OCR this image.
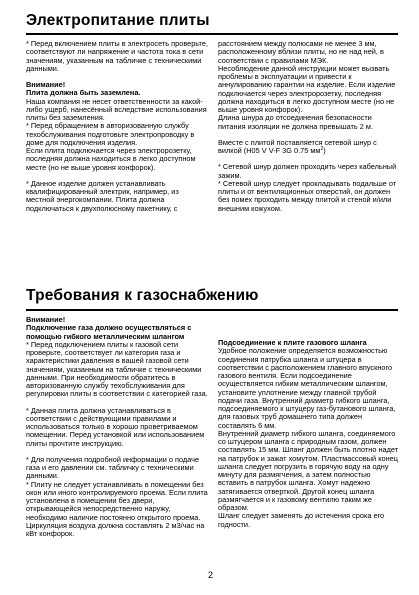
Электропитание плиты

* Перед включением плиты в электросеть проверьте, соответствуют ли напряжение и частота тока в сети значениям, указанным на табличке с техническими данными.

Внимание!

Плита должна быть заземлена.

Наша компания не несет ответственности за какой-либо ущерб, нанесённый вследствие использования плиты без заземления.

* Перед обращением в авторизованную службу техобслуживания подготовьте электропроводку в доме для подключения изделия.

Если плита подключается через электророзетку, последняя должна находиться в легко доступном месте (но не выше уровня конфорок).

* Данное изделие должен устанавливать квалифицированный электрик, например, из местной энергокомпании. Плита должна подключаться к двухполюсному пакетнику, с

расстоянием между полюсами не менее 3 мм, расположенному вблизи плиты, но не над ней, в соответствии с правилами МЭК.

Несоблюдение данной инструкции может вызвать проблемы в эксплуатации и привести к аннулированию гарантии на изделие. Если изделие подключается через электророзетку, последняя должна находиться в легко доступном месте (но не выше уровня конфорок).

Длина шнура до отсоединения безопасности питания изоляции не должна превышать 2 м.

Вместе с плитой поставляется сетевой шнур с вилкой (H05 V V-F 3G 0.75 $мм^2$)

* Сетевой шнур должен проходить через кабельный зажим.

* Сетевой шнур следует прокладывать подальше от плиты и от вентиляционных отверстий, он должен без помех проходить между плитой и стеной и/или внешним кожухом.

Требования к газоснабжению

Внимание!

Подключение газа должно осуществляться с помощью гибкого металлическим шлангом

* Перед подключением плиты к газовой сети проверьте, соответствует ли категория газа и характеристики давления в вашей газовой сети значениям, указанным на табличке с техническими данными. При необходимости обратитесь в авторизованную службу техобслуживания для регулировки плиты в соответствии с категорией газа.

* Данная плита должна устанавливаться в соответствии с действующими правилами и использоваться только в хорошо проветриваемом помещении. Перед установкой или использованием плиты прочтите инструкцию.

* Для получения подробной информации о подаче газа и его давлении см. табличку с техническими данными.

* Плиту не следует устанавливать в помещении без окон или иного контролируемого проема. Если плита установлена в помещении без двери, открывающейся непосредственно наружу, необходимо наличие постоянно открытого проема.

Циркуляция воздуха должна составлять 2 м3/час на кВт конфорок.

Подсоединение к плите газового шланга

Удобное положение определяется возможностью соединения патрубка шланга и штуцера в соответствии с расположением главного впускного газового вентиля. Если подсоединение осуществляется гибким металлическим шлангом, установите уплотнение между главной трубой подачи газа. Внутренний диаметр гибкого шланга, подсоединяемого к штуцеру газ-бутанового шланга, для газовых труб домашнего типа должен составлять 6 мм.

Внутренний диаметр гибкого шланга, соединяемого со штуцером шланга с природным газом, должен составлять 15 мм. Шланг должен быть плотно надет на патрубок и зажат хомутом. Пластмассовый конец шланга следует погрузить в горячую воду на одну минуту для размягчения, а затем полностью вставить в патрубок шланга. Хомут надежно затягивается отверткой. Другой конец шланга размягчается и к газовому вентилю таким же образом.

Шланг следует заменять до истечения срока его годности.

2
